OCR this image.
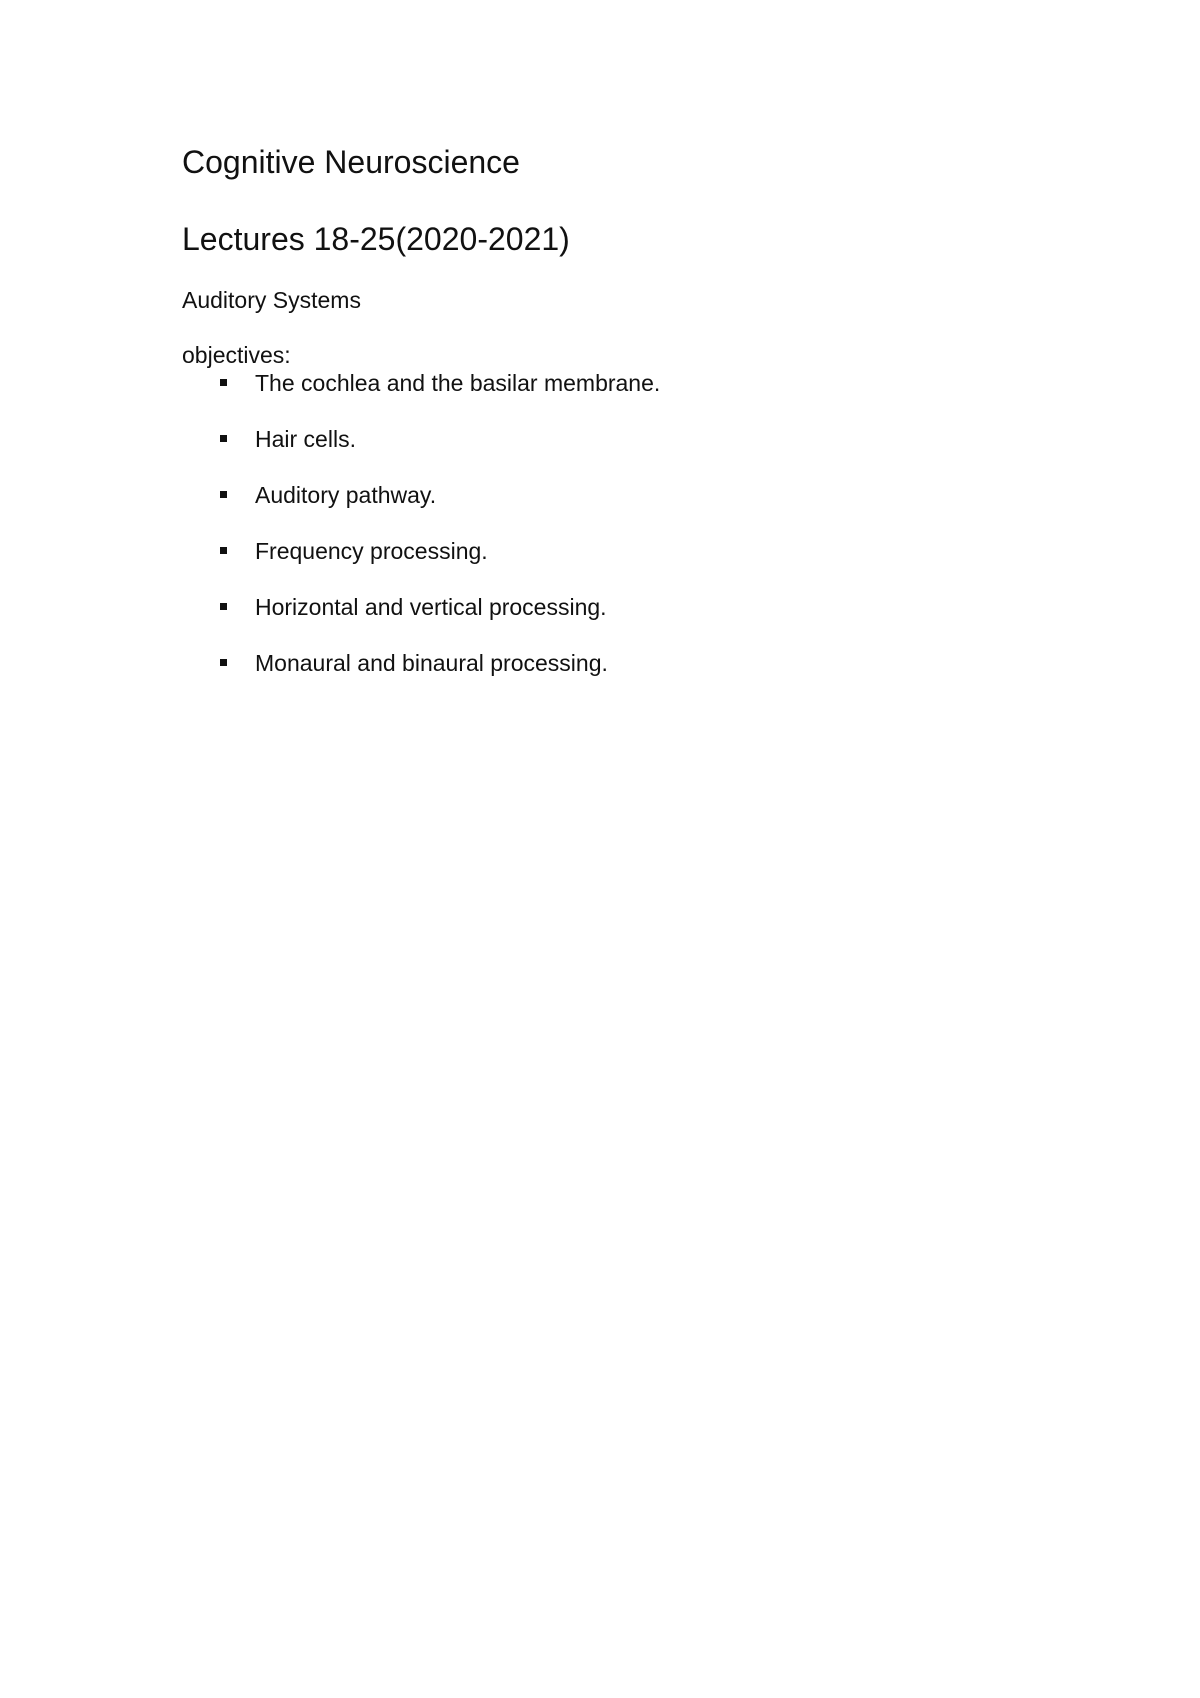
Cognitive Neuroscience
Lectures 18-25(2020-2021)
Auditory Systems
objectives:
The cochlea and the basilar membrane.
Hair cells.
Auditory pathway.
Frequency processing.
Horizontal and vertical processing.
Monaural and binaural processing.
